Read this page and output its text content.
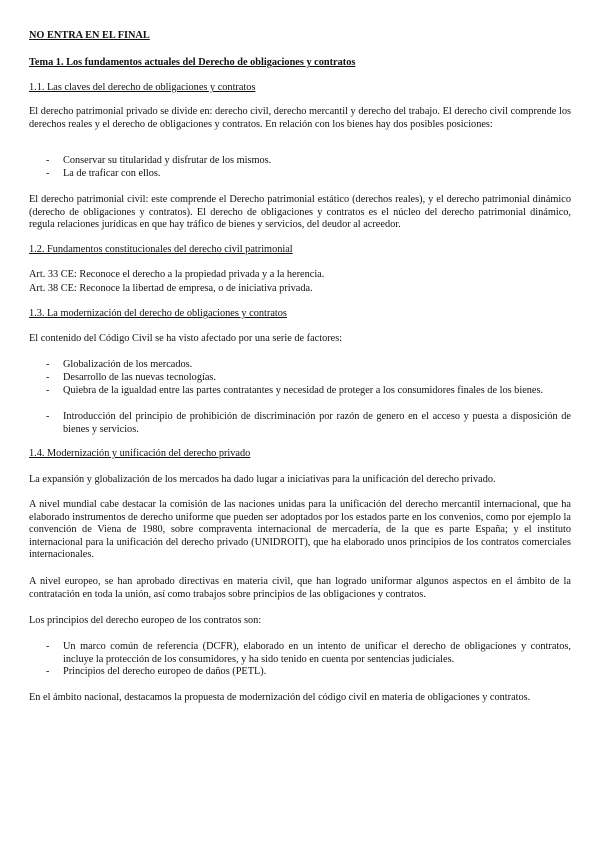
NO ENTRA EN EL FINAL

Tema 1. Los fundamentos actuales del Derecho de obligaciones y contratos

1.1. Las claves del derecho de obligaciones y contratos

El derecho patrimonial privado se divide en: derecho civil, derecho mercantil y derecho del trabajo. El derecho civil comprende los derechos reales y el derecho de obligaciones y contratos. En relación con los bienes hay dos posibles posiciones:

- Conservar su titularidad y disfrutar de los mismos.
- La de traficar con ellos.

El derecho patrimonial civil: este comprende el Derecho patrimonial estático (derechos reales), y el derecho patrimonial dinámico (derecho de obligaciones y contratos). El derecho de obligaciones y contratos es el núcleo del derecho patrimonial dinámico, regula relaciones jurídicas en que hay tráfico de bienes y servicios, del deudor al acreedor.

1.2. Fundamentos constitucionales del derecho civil patrimonial

Art. 33 CE: Reconoce el derecho a la propiedad privada y a la herencia.

Art. 38 CE: Reconoce la libertad de empresa, o de iniciativa privada.

1.3. La modernización del derecho de obligaciones y contratos

El contenido del Código Civil se ha visto afectado por una serie de factores:

- Globalización de los mercados.
- Desarrollo de las nuevas tecnologías.
- Quiebra de la igualdad entre las partes contratantes y necesidad de proteger a los consumidores finales de los bienes.
- Introducción del principio de prohibición de discriminación por razón de genero en el acceso y puesta a disposición de bienes y servicios.

1.4. Modernización y unificación del derecho privado

La expansión y globalización de los mercados ha dado lugar a iniciativas para la unificación del derecho privado.

A nivel mundial cabe destacar la comisión de las naciones unidas para la unificación del derecho mercantil internacional, que ha elaborado instrumentos de derecho uniforme que pueden ser adoptados por los estados parte en los convenios, como por ejemplo la convención de Viena de 1980, sobre compraventa internacional de mercadería, de la que es parte España; y el instituto internacional para la unificación del derecho privado (UNIDROIT), que ha elaborado unos principios de los contratos comerciales internacionales.

A nivel europeo, se han aprobado directivas en materia civil, que han logrado uniformar algunos aspectos en el ámbito de la contratación en toda la unión, así como trabajos sobre principios de las obligaciones y contratos.

Los principios del derecho europeo de los contratos son:

- Un marco común de referencia (DCFR), elaborado en un intento de unificar el derecho de obligaciones y contratos, incluye la protección de los consumidores, y ha sido tenido en cuenta por sentencias judiciales.
- Principios del derecho europeo de daños (PETL).

En el ámbito nacional, destacamos la propuesta de modernización del código civil en materia de obligaciones y contratos.
